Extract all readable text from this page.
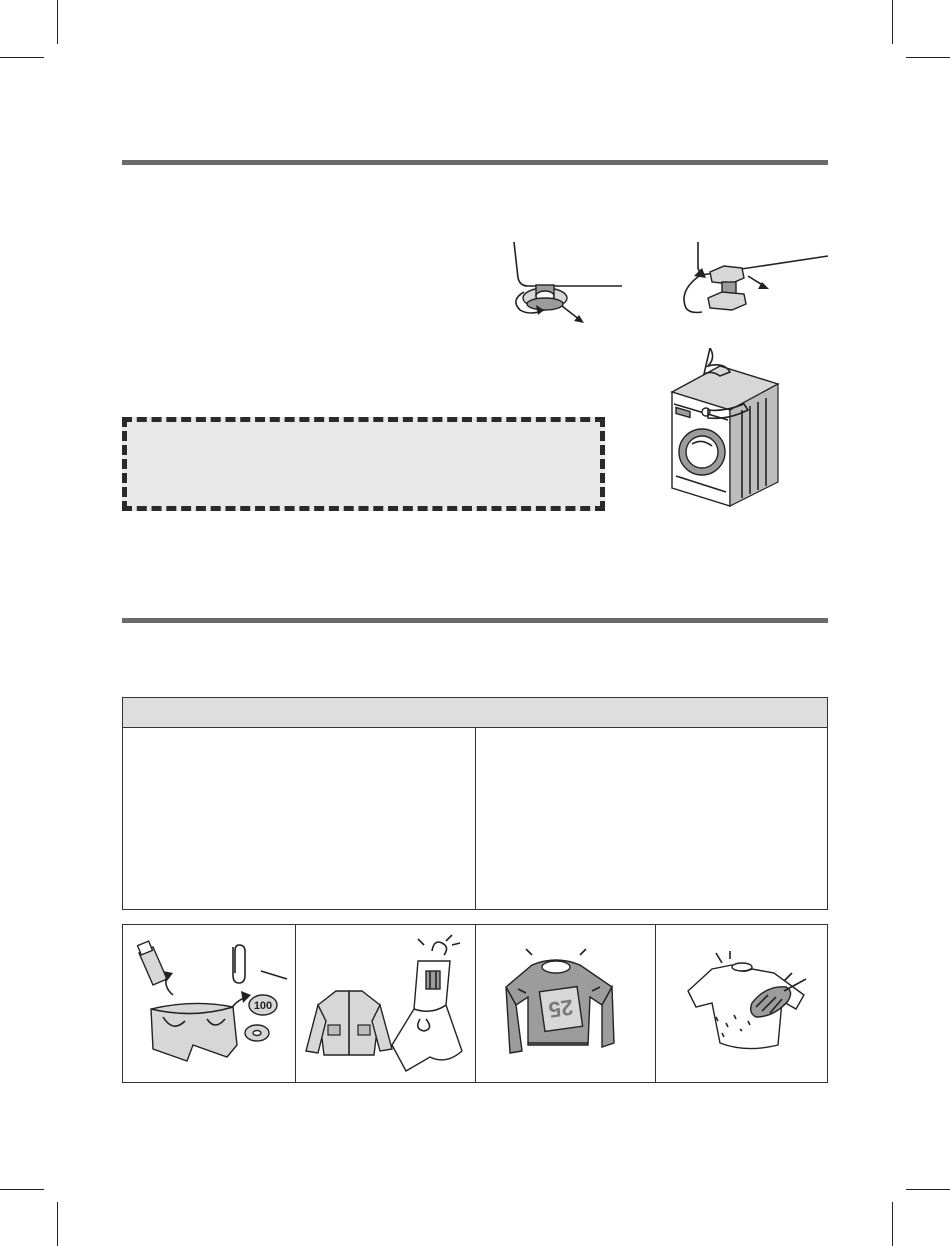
100	25
